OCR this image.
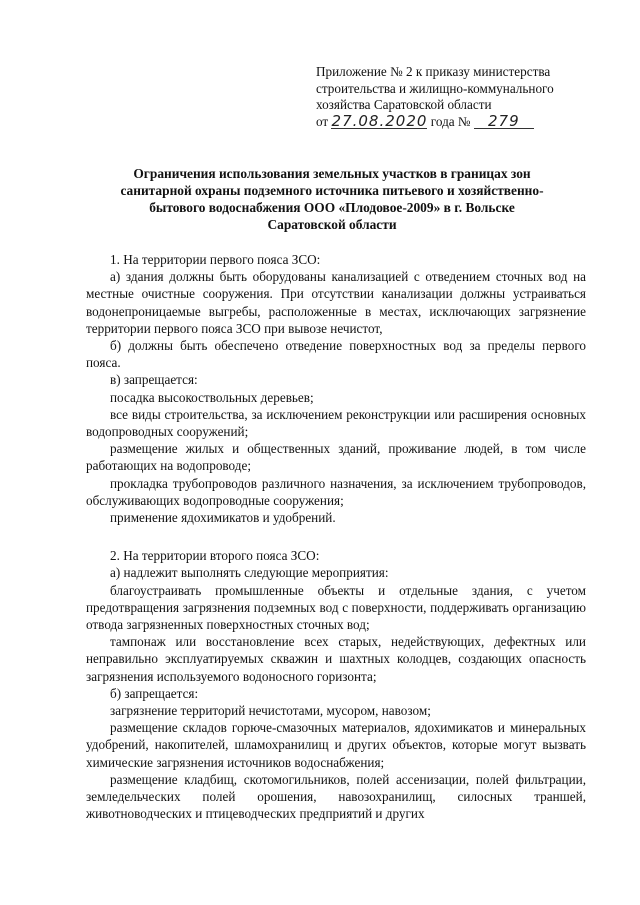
Приложение № 2 к приказу министерства
строительства и жилищно-коммунального
хозяйства Саратовской области
от 27.08.2020 года № 279
Ограничения использования земельных участков в границах зон
санитарной охраны подземного источника питьевого и хозяйственно-
бытового водоснабжения ООО «Плодовое-2009» в г. Вольске
Саратовской области

1. На территории первого пояса ЗСО:

а) здания должны быть оборудованы канализацией с отведением сточных вод на местные очистные сооружения. При отсутствии канализации должны устраиваться водонепроницаемые выгребы, расположенные в местах, исключающих загрязнение территории первого пояса ЗСО при вывозе нечистот,

б) должны быть обеспечено отведение поверхностных вод за пределы первого пояса.

в) запрещается:

посадка высокоствольных деревьев;

все виды строительства, за исключением реконструкции или расширения основных водопроводных сооружений;

размещение жилых и общественных зданий, проживание людей, в том числе работающих на водопроводе;

прокладка трубопроводов различного назначения, за исключением трубопроводов, обслуживающих водопроводные сооружения;

применение ядохимикатов и удобрений.

2. На территории второго пояса ЗСО:

а) надлежит выполнять следующие мероприятия:

благоустраивать промышленные объекты и отдельные здания, с учетом предотвращения загрязнения подземных вод с поверхности, поддерживать организацию отвода загрязненных поверхностных сточных вод;

тампонаж или восстановление всех старых, недействующих, дефектных или неправильно эксплуатируемых скважин и шахтных колодцев, создающих опасность загрязнения используемого водоносного горизонта;

б) запрещается:

загрязнение территорий нечистотами, мусором, навозом;

размещение складов горюче-смазочных материалов, ядохимикатов и минеральных удобрений, накопителей, шламохранилищ и других объектов, которые могут вызвать химические загрязнения источников водоснабжения;

размещение кладбищ, скотомогильников, полей ассенизации, полей фильтрации, земледельческих полей орошения, навозохранилищ, силосных траншей, животноводческих и птицеводческих предприятий и других
